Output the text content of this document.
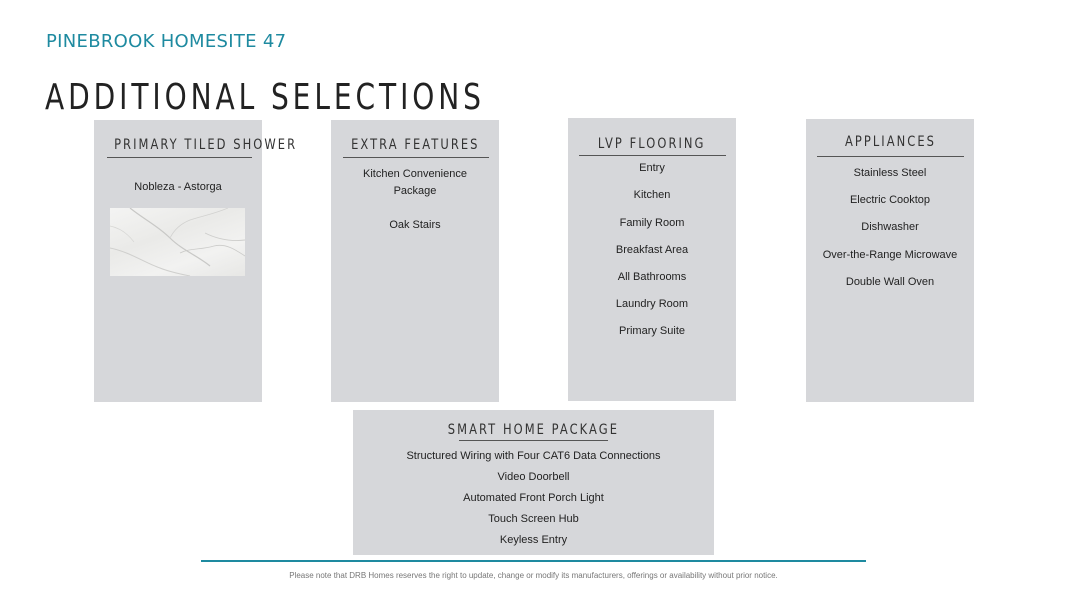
PINEBROOK HOMESITE 47
ADDITIONAL SELECTIONS
PRIMARY TILED SHOWER
Nobleza - Astorga
EXTRA FEATURES
Kitchen Convenience
Package
Oak Stairs
LVP FLOORING
Entry
Kitchen
Family Room
Breakfast Area
All Bathrooms
Laundry Room
Primary Suite
APPLIANCES
Stainless Steel
Electric Cooktop
Dishwasher
Over-the-Range Microwave
Double Wall Oven
SMART HOME PACKAGE
Structured Wiring with Four CAT6 Data Connections
Video Doorbell
Automated Front Porch Light
Touch Screen Hub
Keyless Entry
Please note that DRB Homes reserves the right to update, change or modify its manufacturers, offerings or availability without prior notice.
